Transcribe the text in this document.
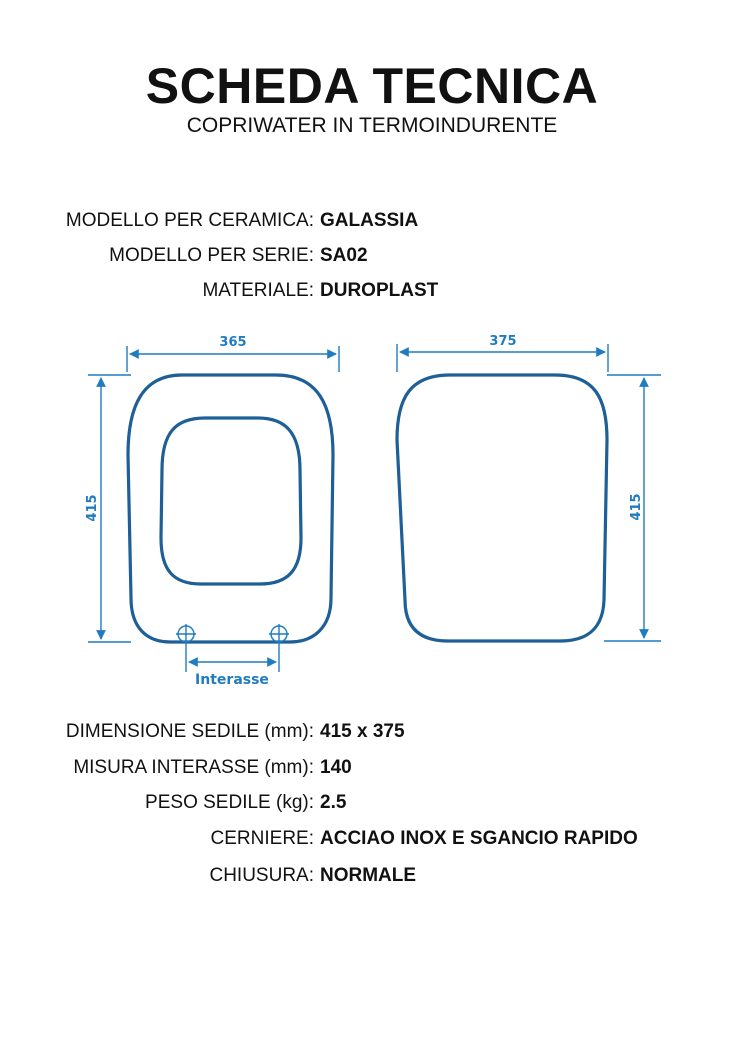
SCHEDA TECNICA
COPRIWATER IN TERMOINDURENTE
MODELLO PER CERAMICA: GALASSIA
MODELLO PER SERIE: SA02
MATERIALE: DUROPLAST
365
415
Interasse
375
415
DIMENSIONE SEDILE (mm): 415 x 375
MISURA INTERASSE (mm): 140
PESO SEDILE (kg): 2.5
CERNIERE: ACCIAO INOX E SGANCIO RAPIDO
CHIUSURA: NORMALE
